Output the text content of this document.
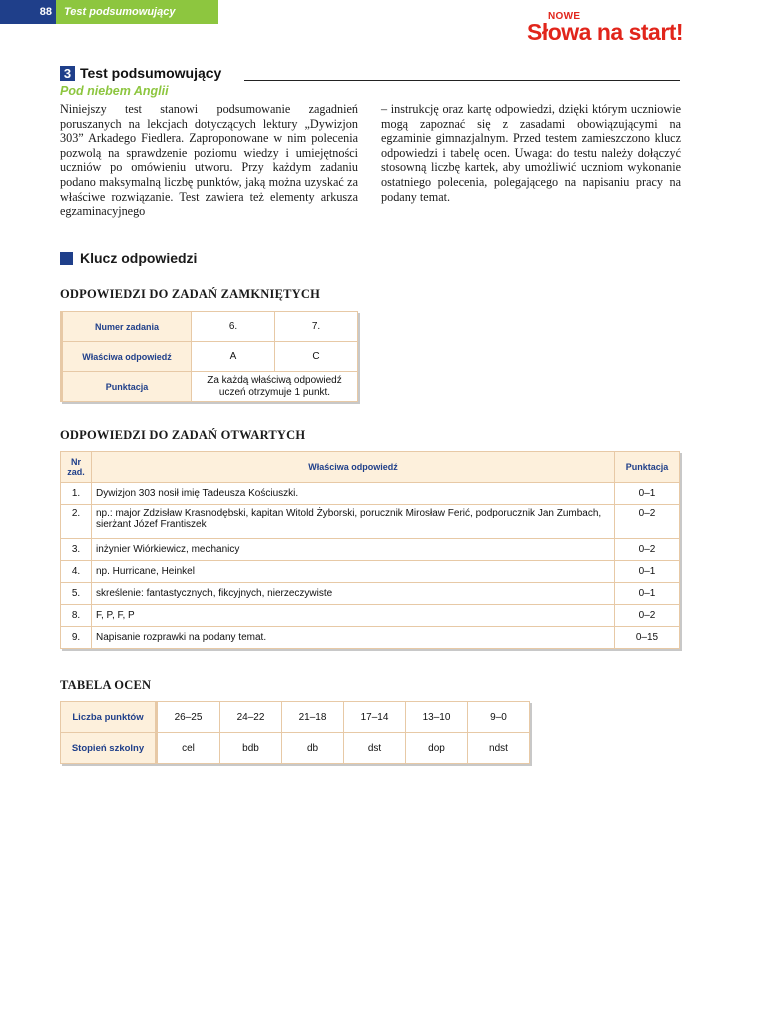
88	Test podsumowujący	NOWE
Słowa na start!
3 Test podsumowujący
Pod niebem Anglii

Niniejszy test stanowi podsumowanie zagadnień poruszanych na lekcjach dotyczących lektury „Dywizjon 303” Arkadego Fiedlera. Zaproponowane w nim polecenia pozwolą na sprawdzenie poziomu wiedzy i umiejętności uczniów po omówieniu utworu. Przy każdym zadaniu podano maksymalną liczbę punktów, jaką można uzyskać za właściwe rozwiązanie. Test zawiera też elementy arkusza egzaminacyjnego

– instrukcję oraz kartę odpowiedzi, dzięki którym uczniowie mogą zapoznać się z zasadami obowiązującymi na egzaminie gimnazjalnym. Przed testem zamieszczono klucz odpowiedzi i tabelę ocen. Uwaga: do testu należy dołączyć stosowną liczbę kartek, aby umożliwić uczniom wykonanie ostatniego polecenia, polegającego na napisaniu pracy na podany temat.

Klucz odpowiedzi
ODPOWIEDZI DO ZADAŃ ZAMKNIĘTYCH
Numer zadania	6.	7.
Właściwa odpowiedź	A	C
Punktacja	Za każdą właściwą odpowiedź uczeń otrzymuje 1 punkt.	
ODPOWIEDZI DO ZADAŃ OTWARTYCH
Nr zad.	Właściwa odpowiedź	Punktacja
1.	Dywizjon 303 nosił imię Tadeusza Kościuszki.	0–1
2.	np.: major Zdzisław Krasnodębski, kapitan Witold Żyborski, porucznik Mirosław Ferić, podporucznik Jan Zumbach, sierżant Józef Frantiszek	0–2
3.	inżynier Wiórkiewicz, mechanicy	0–2
4.	np. Hurricane, Heinkel	0–1
5.	skreślenie: fantastycznych, fikcyjnych, nierzeczywiste	0–1
8.	F, P, F, P	0–2
9.	Napisanie rozprawki na podany temat.	0–15
TABELA OCEN
Liczba punktów	26–25	24–22	21–18	17–14	13–10	9–0
Stopień szkolny	cel	bdb	db	dst	dop	ndst
